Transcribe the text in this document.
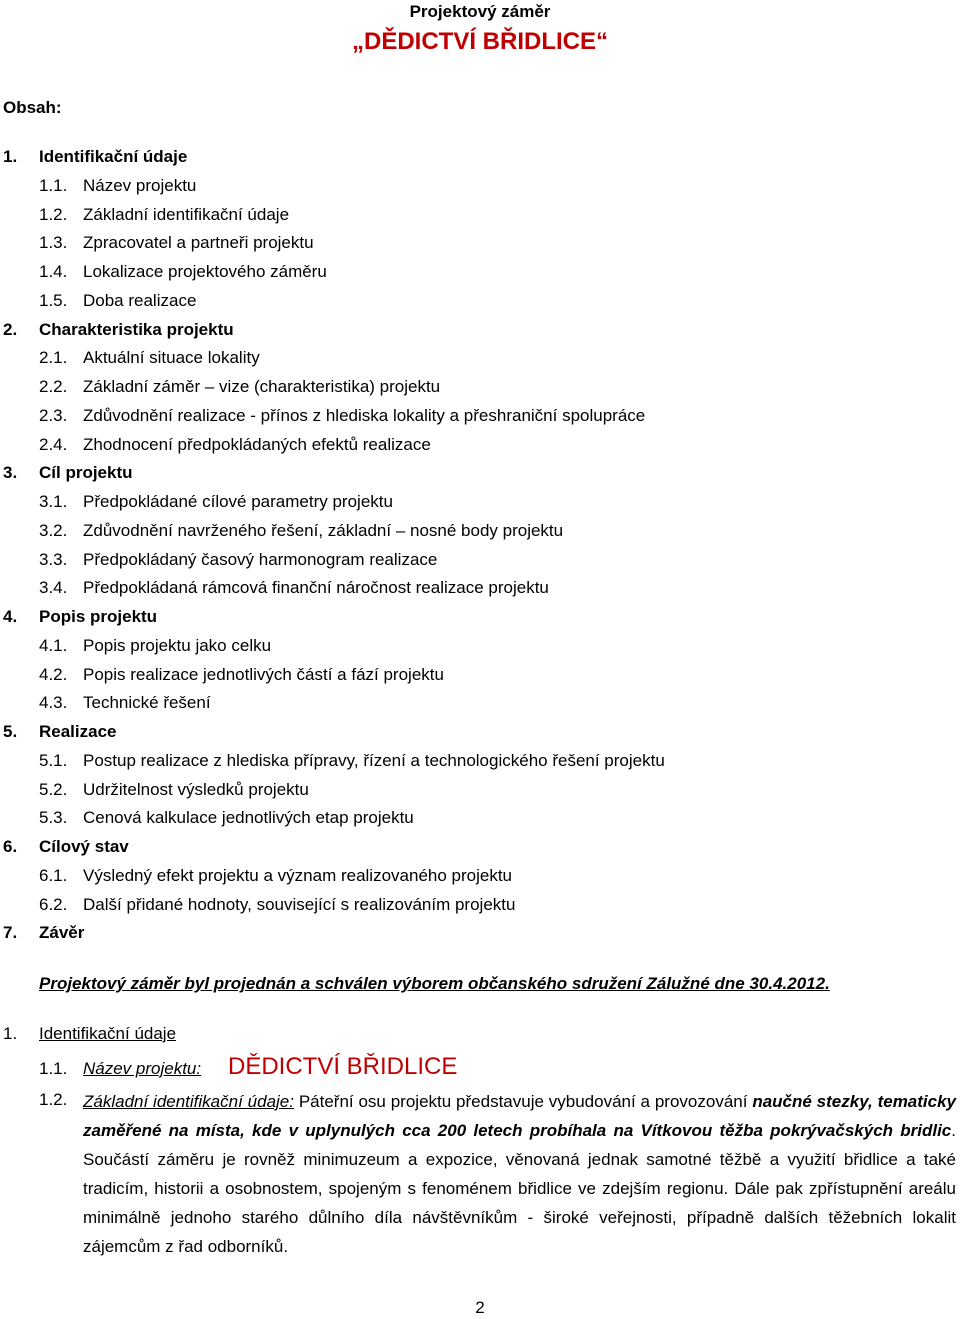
Projektový záměr
„DĚDICTVÍ BŘIDLICE“
Obsah:
1. Identifikační údaje
1.1. Název projektu
1.2. Základní identifikační údaje
1.3. Zpracovatel a partneři projektu
1.4. Lokalizace projektového záměru
1.5. Doba realizace
2. Charakteristika projektu
2.1. Aktuální situace lokality
2.2. Základní záměr – vize (charakteristika) projektu
2.3. Zdůvodnění realizace - přínos z hlediska lokality a přeshraniční spolupráce
2.4. Zhodnocení předpokládaných efektů realizace
3. Cíl projektu
3.1. Předpokládané cílové parametry projektu
3.2. Zdůvodnění navrženého řešení, základní – nosné body projektu
3.3. Předpokládaný časový harmonogram realizace
3.4. Předpokládaná rámcová finanční náročnost realizace projektu
4. Popis projektu
4.1. Popis projektu jako celku
4.2. Popis realizace jednotlivých částí a fází projektu
4.3. Technické řešení
5. Realizace
5.1. Postup realizace z hlediska přípravy, řízení a technologického řešení projektu
5.2. Udržitelnost výsledků projektu
5.3. Cenová kalkulace jednotlivých etap projektu
6. Cílový stav
6.1. Výsledný efekt projektu a význam realizovaného projektu
6.2. Další přidané hodnoty, související s realizováním projektu
7. Závěr
Projektový záměr byl projednán a schválen výborem občanského sdružení Zálužné dne 30.4.2012.
1. Identifikační údaje
1.1. Název projektu: DĚDICTVÍ BŘIDLICE
1.2. Základní identifikační údaje: Páteřní osu projektu představuje vybudování a provozování naučné stezky, tematicky zaměřené na místa, kde v uplynulých cca 200 letech probíhala na Vítkovou těžba pokrývačských bridlic. Součástí záměru je rovněž minimuzeum a expozice, věnovaná jednak samotné těžbě a využití břidlice a také tradicím, historii a osobnostem, spojeným s fenoménem břidlice ve zdejším regionu. Dále pak zpřístupnění areálu minimálně jednoho starého důlního díla návštěvníkům - široké veřejnosti, případně dalších těžebních lokalit zájemcům z řad odborníků.
2
